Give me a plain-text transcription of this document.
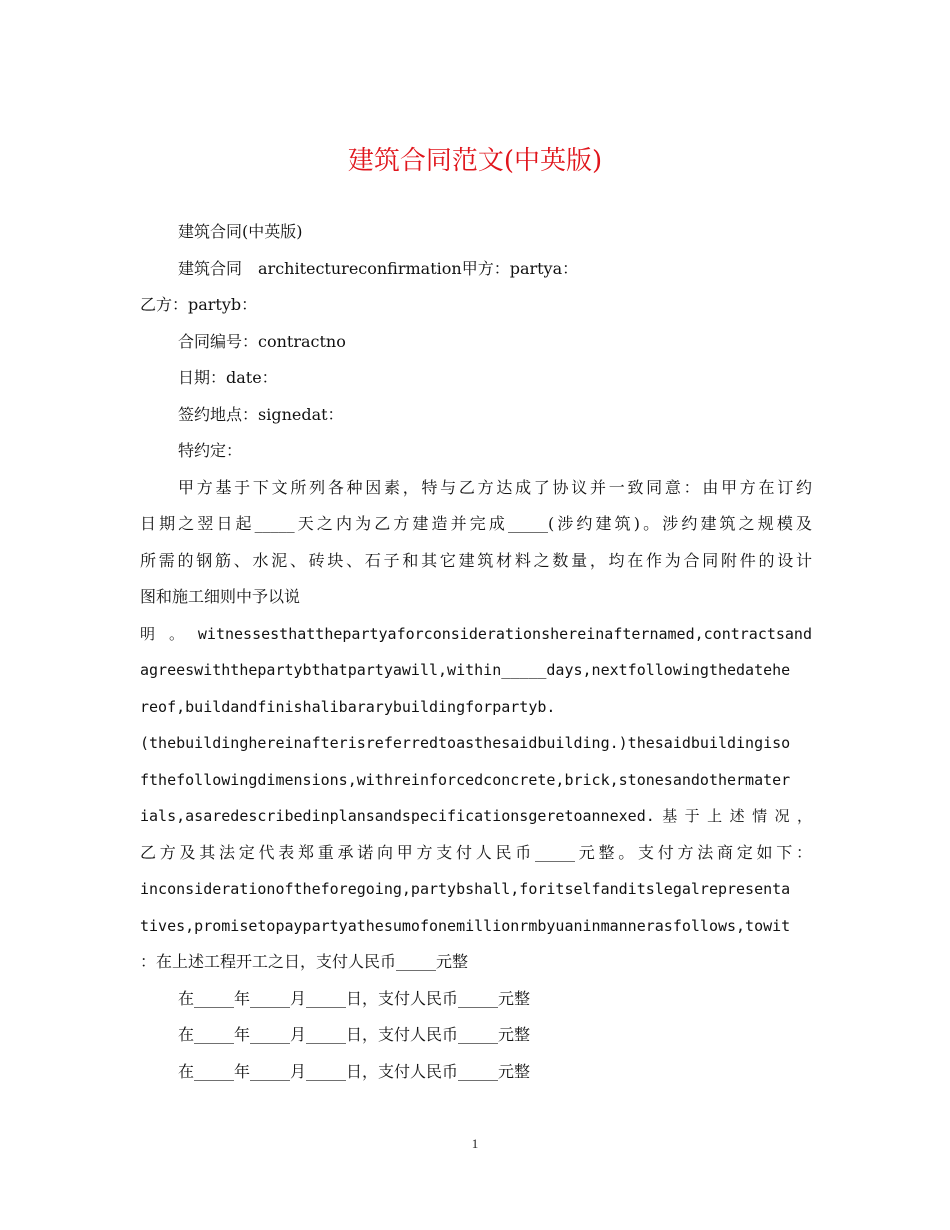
建筑合同范文(中英版)
建筑合同(中英版)
建筑合同　architectureconfirmation甲方：partya：
乙方：partyb：
合同编号：contractno
日期：date：
签约地点：signedat：
特约定：
甲方基于下文所列各种因素，特与乙方达成了协议并一致同意：由甲方在订约
日期之翌日起_____天之内为乙方建造并完成_____(涉约建筑)。涉约建筑之规模及
所需的钢筋、水泥、砖块、石子和其它建筑材料之数量，均在作为合同附件的设计
图和施工细则中予以说
明。witnessesthatthepartyaforconsiderationshereinafternamed,contractsand
agreeswiththepartybthatpartyawill,within_____days,nextfollowingthedatehe
reof,buildandfinishalibararybuildingforpartyb.
(thebuildinghereinafterisreferredtoasthesaidbuilding.)thesaidbuildingiso
fthefollowingdimensions,withreinforcedconcrete,brick,stonesandothermater
ials,asaredescribedinplansandspecificationsgeretoannexed.基于上述情况，
乙方及其法定代表郑重承诺向甲方支付人民币_____元整。支付方法商定如下：
inconsiderationoftheforegoing,partybshall,foritselfanditslegalrepresenta
tives,promisetopaypartyathesumofonemillionrmbyuaninmannerasfollows,towit
：在上述工程开工之日，支付人民币_____元整
在_____年_____月_____日，支付人民币_____元整
在_____年_____月_____日，支付人民币_____元整
在_____年_____月_____日，支付人民币_____元整
1
